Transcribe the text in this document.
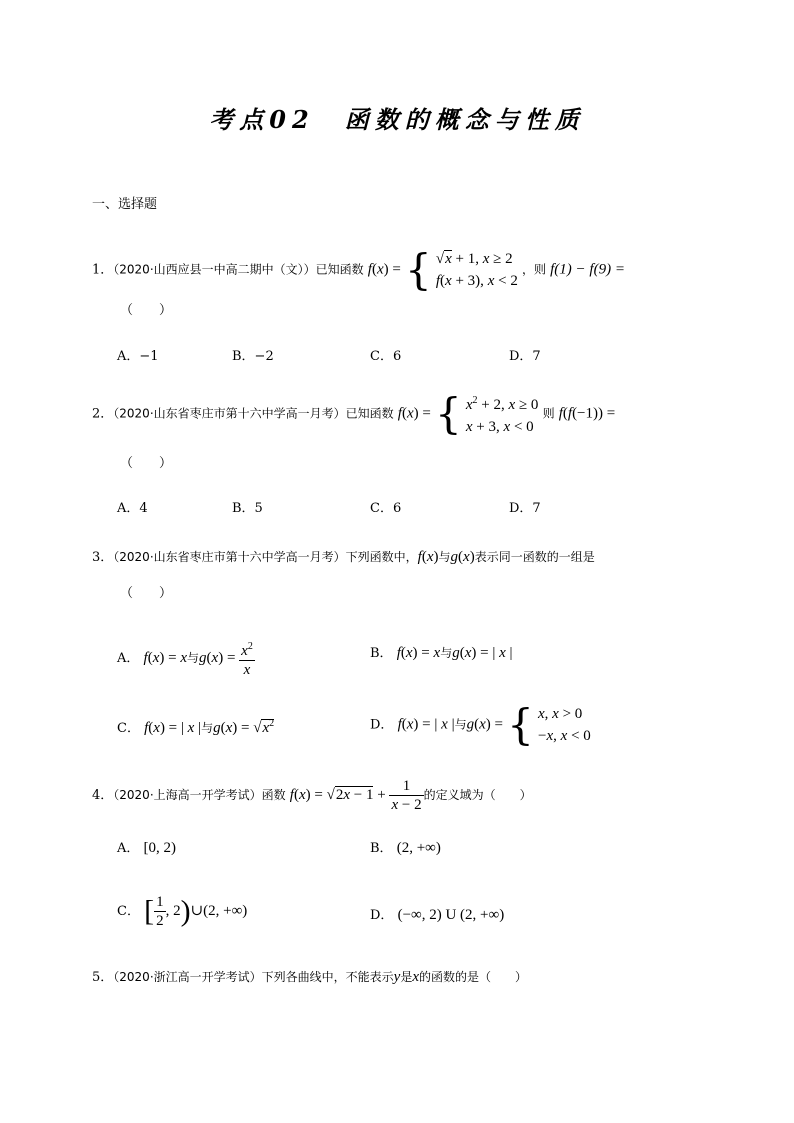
考点02　函数的概念与性质
一、选择题
1．（2020·山西应县一中高二期中（文））已知函数 f(x) = { √x + 1, x ≥ 2
f(x + 3), x < 2
，则 f(1) − f(9) =
（　　）
A．−1	B．−2	C．6	D．7
2．（2020·山东省枣庄市第十六中学高一月考）已知函数 f(x) = { $x^2 + 2$, x ≥ 0
x + 3, x < 0
则 f(f(−1)) =
（　　）
A．4	B．5	C．6	D．7
3．（2020·山东省枣庄市第十六中学高一月考）下列函数中，f(x)与g(x)表示同一函数的一组是
（　　）
A． f(x) = x与$g(x) = \frac{x^2}{x}$	B． f(x) = x与g(x) = | x |
C． f(x) = | x |与$g(x) = √x^2$	D． f(x) = | x |与g(x) = { x, x > 0
−x, x < 0
4．（2020·上海高一开学考试）函数 $f(x) = √2x - 1 + \frac{1}{x - 2}$ 的定义域为（　　）
A． [0, 2)	B． (2, +∞)
C． [ $\frac{1}{2}$ , 2)∪(2, +∞)	D． (−∞, 2) U (2, +∞)
5．（2020·浙江高一开学考试）下列各曲线中，不能表示y是x的函数的是（　　）
